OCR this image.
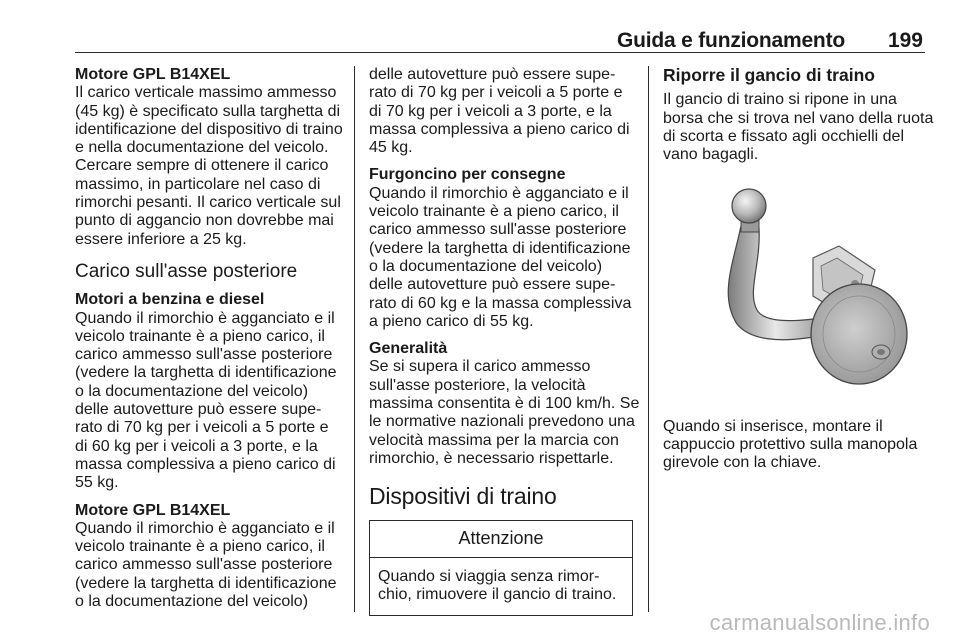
Guida e funzionamento 199
Motore GPL B14XEL

Il carico verticale massimo ammesso
(45 kg) è specificato sulla targhetta di
identificazione del dispositivo di traino
e nella documentazione del veicolo.
Cercare sempre di ottenere il carico
massimo, in particolare nel caso di
rimorchi pesanti. Il carico verticale sul
punto di aggancio non dovrebbe mai
essere inferiore a 25 kg.

Carico sull'asse posteriore
Motori a benzina e diesel

Quando il rimorchio è agganciato e il
veicolo trainante è a pieno carico, il
carico ammesso sull'asse posteriore
(vedere la targhetta di identificazione
o la documentazione del veicolo)
delle autovetture può essere supe-
rato di 70 kg per i veicoli a 5 porte e
di 60 kg per i veicoli a 3 porte, e la
massa complessiva a pieno carico di
55 kg.

Motore GPL B14XEL

Quando il rimorchio è agganciato e il
veicolo trainante è a pieno carico, il
carico ammesso sull'asse posteriore
(vedere la targhetta di identificazione
o la documentazione del veicolo)

delle autovetture può essere supe-
rato di 70 kg per i veicoli a 5 porte e
di 70 kg per i veicoli a 3 porte, e la
massa complessiva a pieno carico di
45 kg.

Furgoncino per consegne

Quando il rimorchio è agganciato e il
veicolo trainante è a pieno carico, il
carico ammesso sull'asse posteriore
(vedere la targhetta di identificazione
o la documentazione del veicolo)
delle autovetture può essere supe-
rato di 60 kg e la massa complessiva
a pieno carico di 55 kg.

Generalità

Se si supera il carico ammesso
sull'asse posteriore, la velocità
massima consentita è di 100 km/h. Se
le normative nazionali prevedono una
velocità massima per la marcia con
rimorchio, è necessario rispettarle.

Dispositivi di traino
Attenzione
Quando si viaggia senza rimor-
chio, rimuovere il gancio di traino.
Riporre il gancio di traino

Il gancio di traino si ripone in una
borsa che si trova nel vano della ruota
di scorta e fissato agli occhielli del
vano bagagli.

Quando si inserisce, montare il
cappuccio protettivo sulla manopola
girevole con la chiave.

carmanualsonline.info
